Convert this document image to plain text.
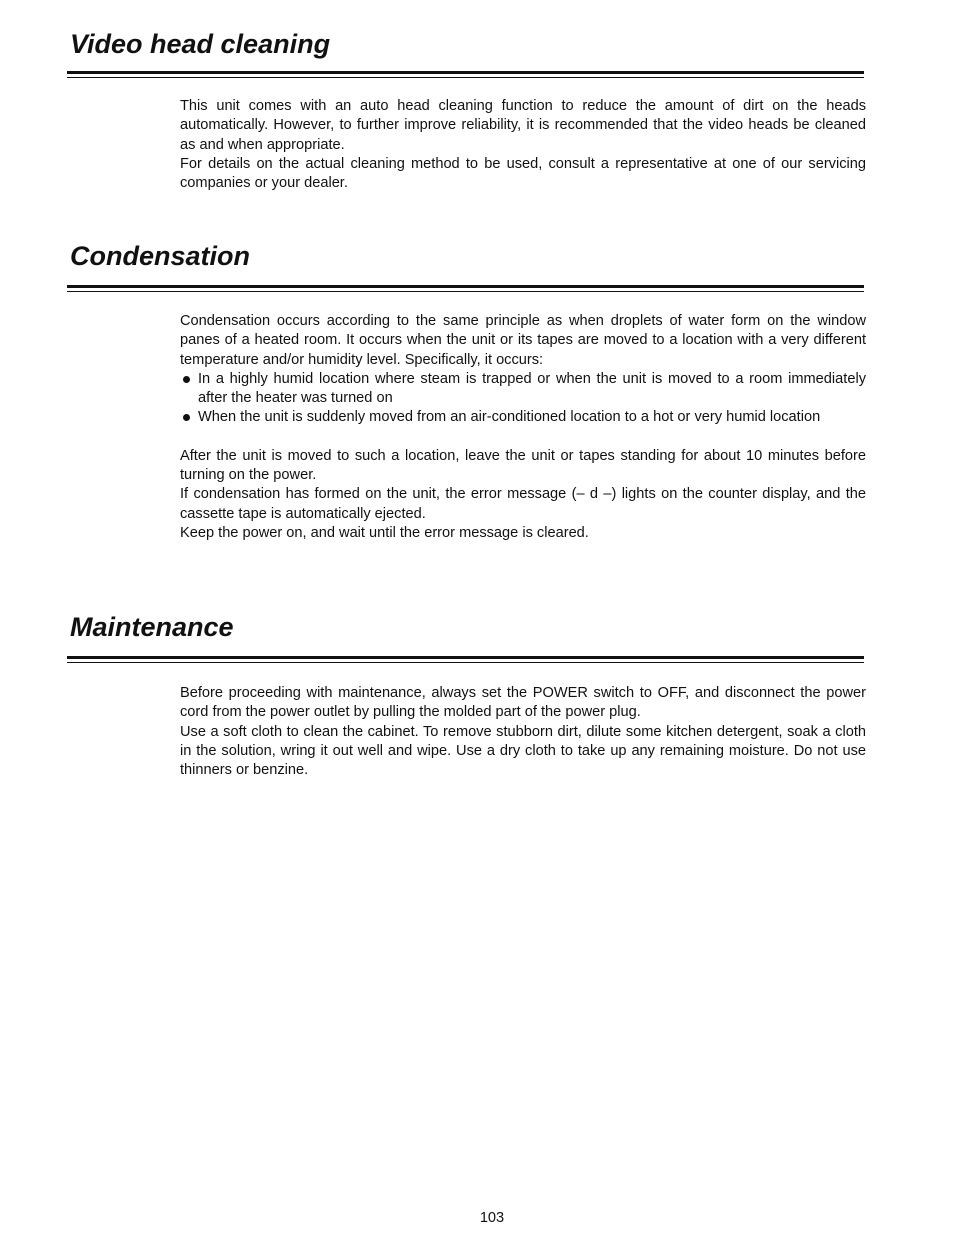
Video head cleaning

This unit comes with an auto head cleaning function to reduce the amount of dirt on the heads automatically. However, to further improve reliability, it is recommended that the video heads be cleaned as and when appropriate.

For details on the actual cleaning method to be used, consult a representative at one of our servicing companies or your dealer.

Condensation

Condensation occurs according to the same principle as when droplets of water form on the window panes of a heated room. It occurs when the unit or its tapes are moved to a location with a very different temperature and/or humidity level. Specifically, it occurs:

In a highly humid location where steam is trapped or when the unit is moved to a room immediately after the heater was turned on
When the unit is suddenly moved from an air-conditioned location to a hot or very humid location

After the unit is moved to such a location, leave the unit or tapes standing for about 10 minutes before turning on the power.

If condensation has formed on the unit, the error message (– d –) lights on the counter display, and the cassette tape is automatically ejected.

Keep the power on, and wait until the error message is cleared.

Maintenance

Before proceeding with maintenance, always set the POWER switch to OFF, and disconnect the power cord from the power outlet by pulling the molded part of the power plug.

Use a soft cloth to clean the cabinet. To remove stubborn dirt, dilute some kitchen detergent, soak a cloth in the solution, wring it out well and wipe. Use a dry cloth to take up any remaining moisture. Do not use thinners or benzine.

103
